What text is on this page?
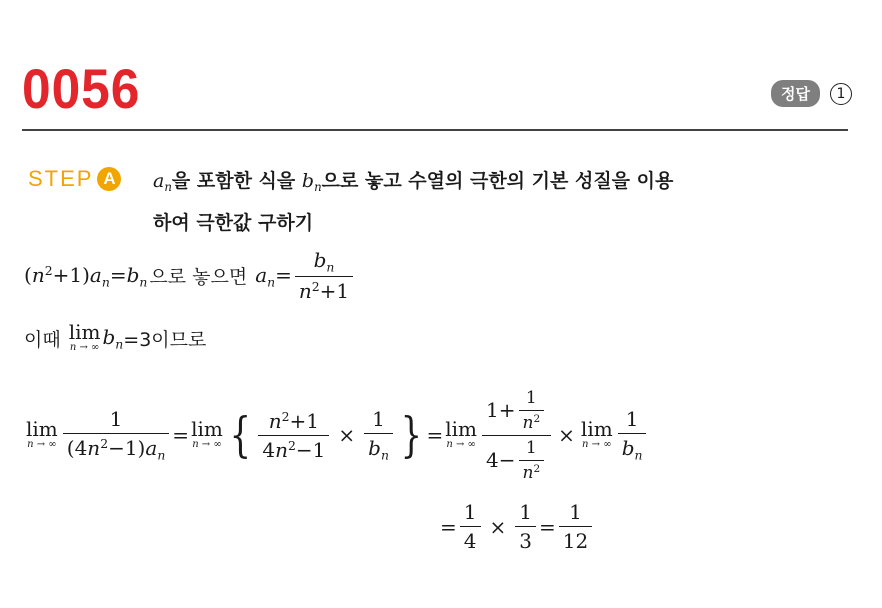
0056	정답	1
STEP A	$a_n$을 포함한 식을 $b_n$으로 놓고 수열의 극한의 기본 성질을 이용
하여 극한값 구하기
$(n^2+1)a_n=b_n$ 으로 놓으면 $a_n= \frac{b_n}{n^2+1}$
이때 lim
n → ∞ $b_n =3$이므로
lim
n → ∞ $\frac{1}{(4n^2-1)a_n} = \lim$
n → ∞ { $\frac{n^2+1}{4n^2-1} \times \frac{1}{b_n}$ } = lim
n → ∞ $\frac{1+ \frac{1}{n^2}}{4- \frac{1}{n^2}} \times \lim$
n → ∞ $\frac{1}{b_n}$
= $\frac{1}{4} \times \frac{1}{3} = \frac{1}{12}$
